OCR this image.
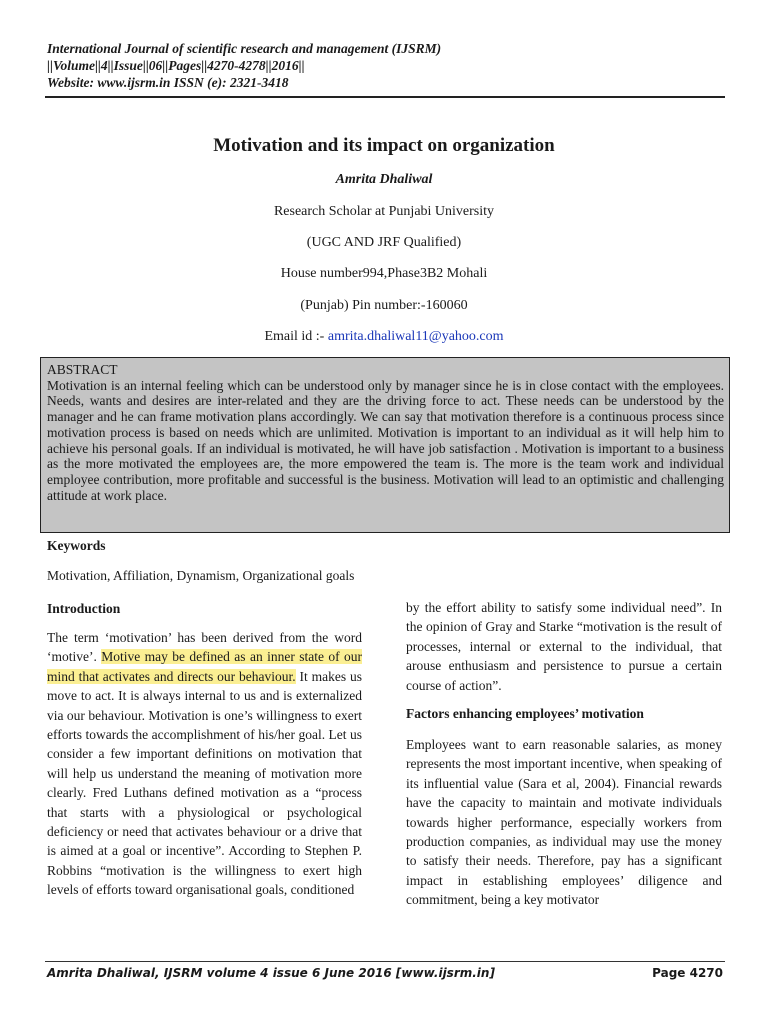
International Journal of scientific research and management (IJSRM)
||Volume||4||Issue||06||Pages||4270-4278||2016||
Website: www.ijsrm.in ISSN (e): 2321-3418
Motivation and its impact on organization
Amrita Dhaliwal
Research Scholar at Punjabi University
(UGC AND JRF Qualified)
House number994,Phase3B2 Mohali
(Punjab) Pin number:-160060
Email id :- amrita.dhaliwal11@yahoo.com
ABSTRACT
Motivation is an internal feeling which can be understood only by manager since he is in close contact with the employees. Needs, wants and desires are inter-related and they are the driving force to act. These needs can be understood by the manager and he can frame motivation plans accordingly. We can say that motivation therefore is a continuous process since motivation process is based on needs which are unlimited. Motivation is important to an individual as it will help him to achieve his personal goals. If an individual is motivated, he will have job satisfaction . Motivation is important to a business as the more motivated the employees are, the more empowered the team is. The more is the team work and individual employee contribution, more profitable and successful is the business. Motivation will lead to an optimistic and challenging attitude at work place.
Keywords
Motivation, Affiliation, Dynamism, Organizational goals
Introduction

The term ‘motivation’ has been derived from the word ‘motive’. Motive may be defined as an inner state of our mind that activates and directs our behaviour. It makes us move to act. It is always internal to us and is externalized via our behaviour. Motivation is one’s willingness to exert efforts towards the accomplishment of his/her goal. Let us consider a few important definitions on motivation that will help us understand the meaning of motivation more clearly. Fred Luthans defined motivation as a “process that starts with a physiological or psychological deficiency or need that activates behaviour or a drive that is aimed at a goal or incentive”. According to Stephen P. Robbins “motivation is the willingness to exert high levels of efforts toward organisational goals, conditioned

by the effort ability to satisfy some individual need”. In the opinion of Gray and Starke “motivation is the result of processes, internal or external to the individual, that arouse enthusiasm and persistence to pursue a certain course of action”.

Factors enhancing employees’ motivation

Employees want to earn reasonable salaries, as money represents the most important incentive, when speaking of its influential value (Sara et al, 2004). Financial rewards have the capacity to maintain and motivate individuals towards higher performance, especially workers from production companies, as individual may use the money to satisfy their needs. Therefore, pay has a significant impact in establishing employees’ diligence and commitment, being a key motivator

Amrita Dhaliwal, IJSRM volume 4 issue 6 June 2016 [www.ijsrm.in]	Page 4270
